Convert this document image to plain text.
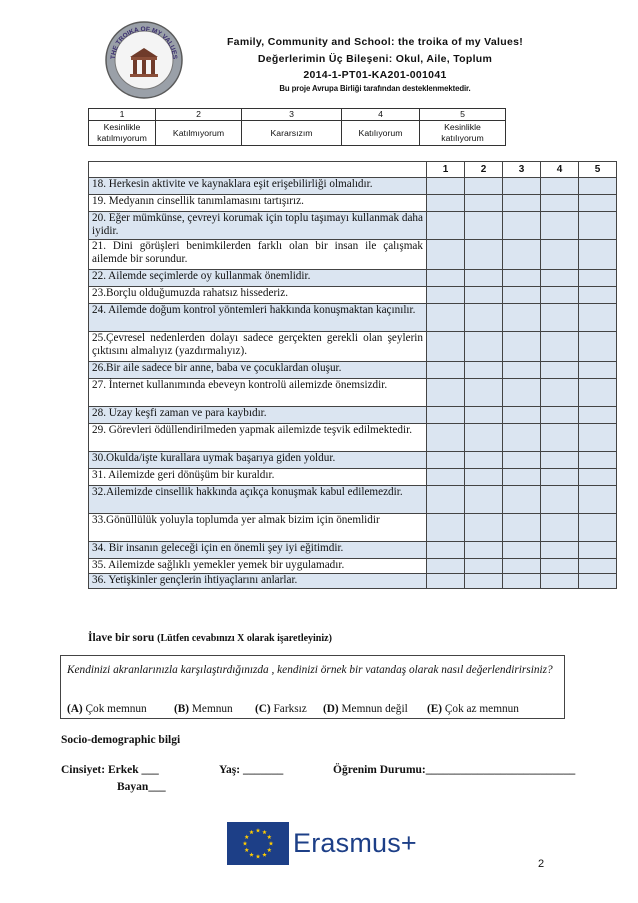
THE TROIKA OF MY VALUES
Family, Community and School: the troika of my Values!
Değerlerimin Üç Bileşeni: Okul, Aile, Toplum
2014-1-PT01-KA201-001041
Bu proje Avrupa Birliği tarafından desteklenmektedir.
1	2	3	4	5
Kesinlikle katılmıyorum	Katılmıyorum	Kararsızım	Katılıyorum	Kesinlikle katılıyorum
	1	2	3	4	5
18. Herkesin aktivite ve kaynaklara eşit erişebilirliği olmalıdır.					
19. Medyanın cinsellik tanımlamasını tartışırız.					
20. Eğer mümkünse, çevreyi korumak için toplu taşımayı kullanmak daha iyidir.					
21. Dini görüşleri benimkilerden farklı olan bir insan ile çalışmak ailemde bir sorundur.					
22. Ailemde seçimlerde oy kullanmak önemlidir.					
23.Borçlu olduğumuzda rahatsız hissederiz.					
24. Ailemde doğum kontrol yöntemleri hakkında konuşmaktan kaçınılır.					
25.Çevresel nedenlerden dolayı sadece gerçekten gerekli olan şeylerin çıktısını almalıyız (yazdırmalıyız).					
26.Bir aile sadece bir anne, baba ve çocuklardan oluşur.					
27. İnternet kullanımında ebeveyn kontrolü ailemizde önemsizdir.					
28. Uzay keşfi zaman ve para kaybıdır.					
29. Görevleri ödüllendirilmeden yapmak ailemizde teşvik edilmektedir.					
30.Okulda/işte kurallara uymak başarıya giden yoldur.					
31. Ailemizde geri dönüşüm bir kuraldır.					
32.Ailemizde cinsellik hakkında açıkça konuşmak kabul edilemezdir.					
33.Gönüllülük yoluyla toplumda yer almak bizim için önemlidir					
34. Bir insanın geleceği için en önemli şey iyi eğitimdir.					
35. Ailemizde sağlıklı yemekler yemek bir uygulamadır.					
36. Yetişkinler gençlerin ihtiyaçlarını anlarlar.					
İlave bir soru (Lütfen cevabınızı X olarak işaretleyiniz)
Kendinizi akranlarınızla karşılaştırdığınızda , kendinizi örnek bir vatandaş olarak nasıl değerlendirirsiniz?
(A) Çok memnun (B) Memnun (C) Farksız (D) Memnun değil (E) Çok az memnun
Socio-demographic bilgi
Cinsiyet: Erkek ___
Bayan___
Yaş: _______	Öğrenim Durumu:__________________________
Erasmus+
2
